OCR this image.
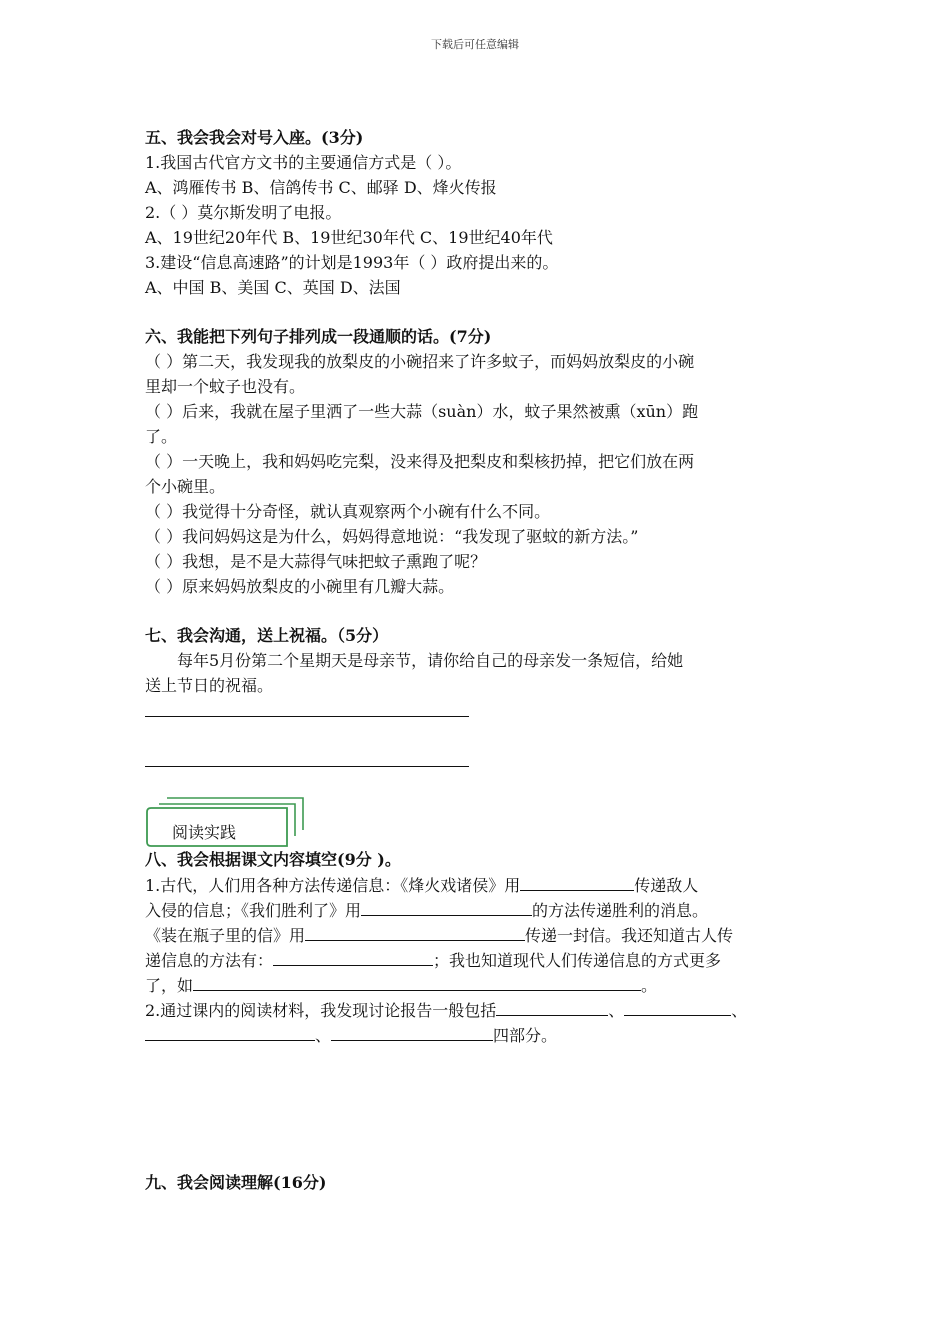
下载后可任意编辑
五、我会我会对号入座。(3分)
1.我国古代官方文书的主要通信方式是（ ）。
A、鸿雁传书 B、信鸽传书 C、邮驿 D、烽火传报
2.（ ）莫尔斯发明了电报。
A、19世纪20年代 B、19世纪30年代 C、19世纪40年代
3.建设“信息高速路”的计划是1993年（ ）政府提出来的。
A、中国 B、美国 C、英国 D、法国
六、我能把下列句子排列成一段通顺的话。(7分)
（ ）第二天，我发现我的放梨皮的小碗招来了许多蚊子，而妈妈放梨皮的小碗
里却一个蚊子也没有。
（ ）后来，我就在屋子里洒了一些大蒜（suàn）水，蚊子果然被熏（xūn）跑
了。
（ ）一天晚上，我和妈妈吃完梨，没来得及把梨皮和梨核扔掉，把它们放在两
个小碗里。
（ ）我觉得十分奇怪，就认真观察两个小碗有什么不同。
（ ）我问妈妈这是为什么，妈妈得意地说：“我发现了驱蚊的新方法。”
（ ）我想，是不是大蒜得气味把蚊子熏跑了呢？
（ ）原来妈妈放梨皮的小碗里有几瓣大蒜。
七、我会沟通，送上祝福。（5分）
每年5月份第二个星期天是母亲节，请你给自己的母亲发一条短信，给她
送上节日的祝福。
阅读实践
八、我会根据课文内容填空(9分 )。
1.古代，人们用各种方法传递信息：《烽火戏诸侯》用	传递敌人
入侵的信息；《我们胜利了》用	的方法传递胜利的消息。
《装在瓶子里的信》用	传递一封信。我还知道古人传
递信息的方法有：	；我也知道现代人们传递信息的方式更多
了，如	。
2.通过课内的阅读材料，我发现讨论报告一般包括	、	、
、	四部分。
九、我会阅读理解(16分)
